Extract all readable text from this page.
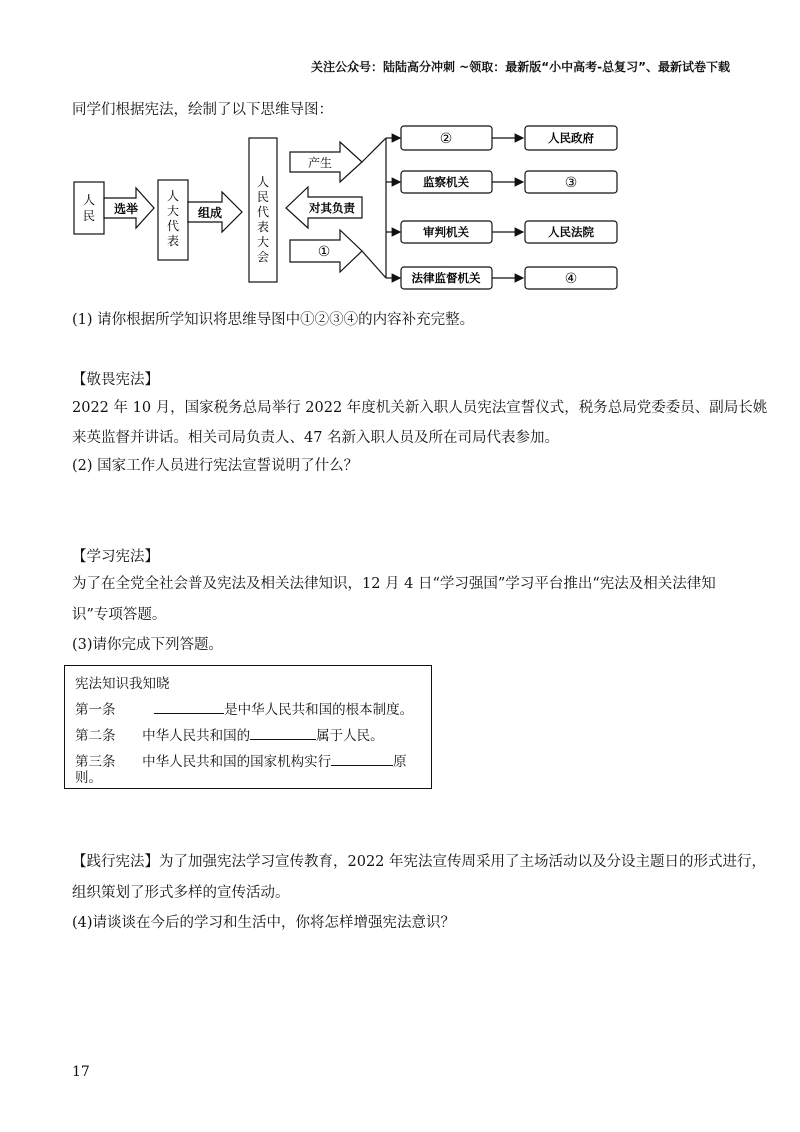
关注公众号：陆陆高分冲刺 ~领取：最新版“小中高考-总复习”、最新试卷下载
同学们根据宪法，绘制了以下思维导图：
人民 选举
人
大
代
表
组成
人
民
代
表
大
会
产生
对其负责
①
②
监察机关
审判机关
法律监督机关
人民政府
③
人民法院
④
(1) 请你根据所学知识将思维导图中①②③④的内容补充完整。
【敬畏宪法】
2022 年 10 月，国家税务总局举行 2022 年度机关新入职人员宪法宣誓仪式，税务总局党委委员、副局长姚
来英监督并讲话。相关司局负责人、47 名新入职人员及所在司局代表参加。
(2) 国家工作人员进行宪法宣誓说明了什么？
【学习宪法】
为了在全党全社会普及宪法及相关法律知识，12 月 4 日“学习强国”学习平台推出“宪法及相关法律知
识”专项答题。
(3)请你完成下列答题。
宪法知识我知晓
第一条	是中华人民共和国的根本制度。
第二条 中华人民共和国的	属于人民。
第三条 中华人民共和国的国家机构实行	原
则。
【践行宪法】为了加强宪法学习宣传教育，2022 年宪法宣传周采用了主场活动以及分设主题日的形式进行，
组织策划了形式多样的宣传活动。
(4)请谈谈在今后的学习和生活中，你将怎样增强宪法意识？
17
